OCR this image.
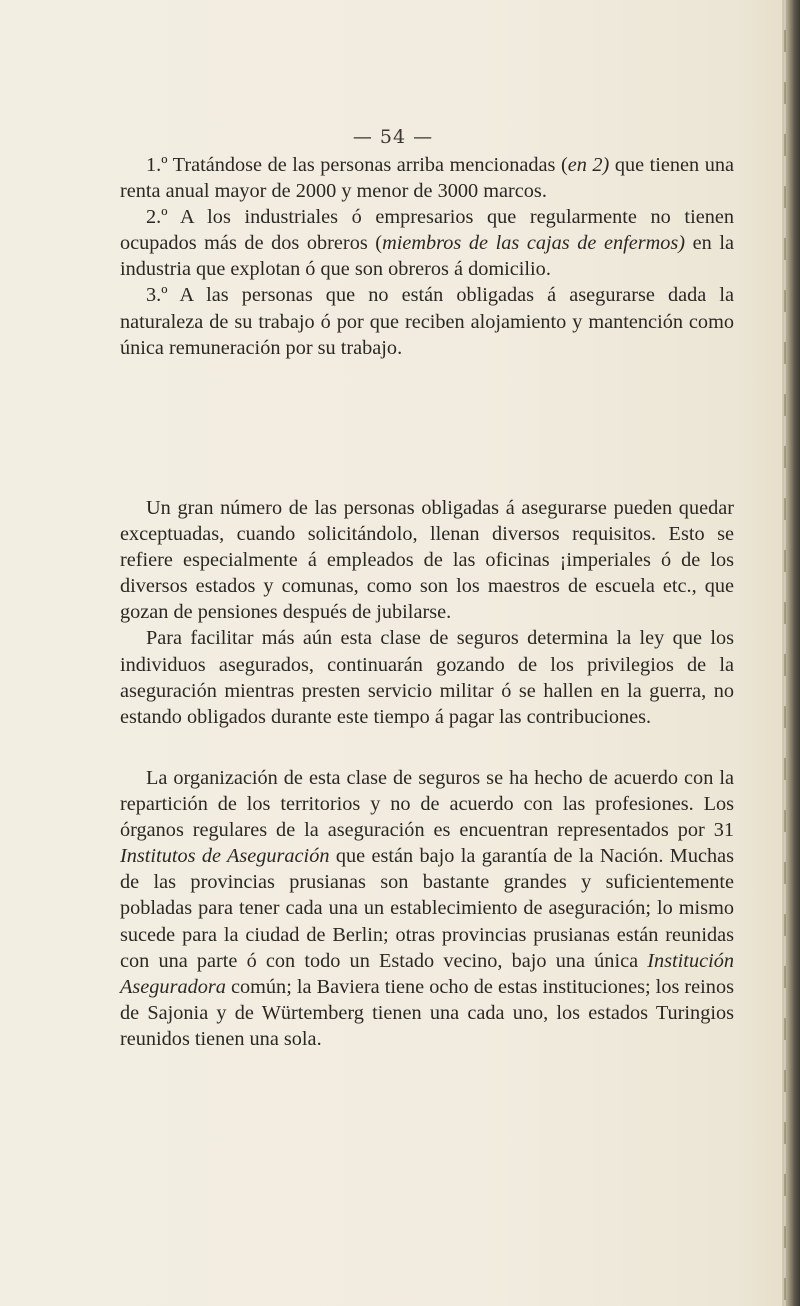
— 54 —

1.º Tratándose de las personas arriba mencionadas (en 2) que tienen una renta anual mayor de 2000 y menor de 3000 marcos.

2.º A los industriales ó empresarios que regularmente no tienen ocupados más de dos obreros (miembros de las cajas de enfermos) en la industria que explotan ó que son obreros á domicilio.

3.º A las personas que no están obligadas á asegurarse dada la naturaleza de su trabajo ó por que reciben alojamiento y mantención como única remuneración por su trabajo.

Un gran número de las personas obligadas á asegurarse pueden quedar exceptuadas, cuando solicitándolo, llenan diversos requisitos. Esto se refiere especialmente á empleados de las oficinas ¡imperiales ó de los diversos estados y comunas, como son los maestros de escuela etc., que gozan de pensiones después de jubilarse.

Para facilitar más aún esta clase de seguros determina la ley que los individuos asegurados, continuarán gozando de los privilegios de la aseguración mientras presten servicio militar ó se hallen en la guerra, no estando obligados durante este tiempo á pagar las contribuciones.

La organización de esta clase de seguros se ha hecho de acuerdo con la repartición de los territorios y no de acuerdo con las profesiones. Los órganos regulares de la aseguración es encuentran representados por 31 Institutos de Aseguración que están bajo la garantía de la Nación. Muchas de las provincias prusianas son bastante grandes y suficientemente pobladas para tener cada una un establecimiento de aseguración; lo mismo sucede para la ciudad de Berlin; otras provincias prusianas están reunidas con una parte ó con todo un Estado vecino, bajo una única Institución Aseguradora común; la Baviera tiene ocho de estas instituciones; los reinos de Sajonia y de Würtemberg tienen una cada uno, los estados Turingios reunidos tienen una sola.
